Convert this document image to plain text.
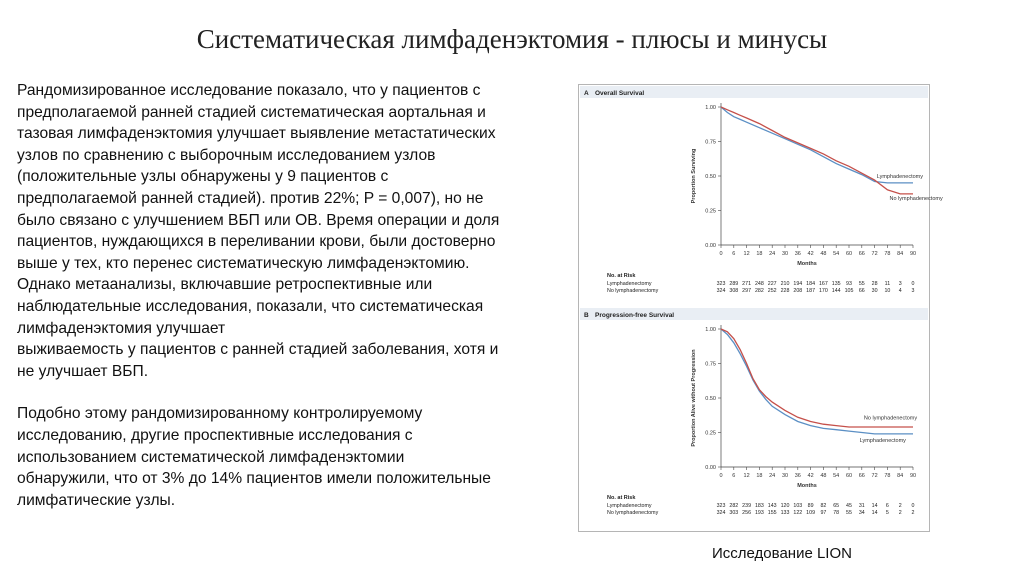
Систематическая лимфаденэктомия - плюсы и минусы

Рандомизированное исследование показало, что у пациентов с

предполагаемой ранней стадией систематическая аортальная и

тазовая лимфаденэктомия улучшает выявление метастатических

узлов по сравнению с выборочным исследованием узлов

(положительные узлы обнаружены у 9 пациентов с

предполагаемой ранней стадией). против 22%; P = 0,007), но не

было связано с улучшением ВБП или ОВ. Время операции и доля

пациентов, нуждающихся в переливании крови, были достоверно

выше у тех, кто перенес систематическую лимфаденэктомию.

Однако метаанализы, включавшие ретроспективные или

наблюдательные исследования, показали, что систематическая

лимфаденэктомия улучшает

выживаемость у пациентов с ранней стадией заболевания, хотя и

не улучшает ВБП.

Подобно этому рандомизированному контролируемому

исследованию, другие проспективные исследования с

использованием систематической лимфаденэктомии

обнаружили, что от 3% до 14% пациентов имели положительные

лимфатические узлы.

A Overall Survival
0.00
0.25
0.50
0.75
1.00
0 6 12 18 24 30 36 42 48 54 60 66 72 78 84 90
Months
Proportion Surviving	Lymphadenectomy
No lymphadenectomy
No. at Risk
Lymphadenectomy	323 289 271 248 227 210 194 184 167 135 93 55 28 11 3 0
No lymphadenectomy	324 308 297 282 252 228 208 187 170 144 105 66 30 10 4 3
B Progression-free Survival
0.00
0.25
0.50
0.75
1.00
0 6 12 18 24 30 36 42 48 54 60 66 72 78 84 90
Months
Proportion Alive without Progression	No lymphadenectomy
Lymphadenectomy
No. at Risk
Lymphadenectomy	323 282 239 183 143 120 103 89 82 65 45 31 14 6 2 0
No lymphadenectomy	324 303 256 193 155 133 122 109 97 78 55 34 14 5 2 2
Исследование LION
